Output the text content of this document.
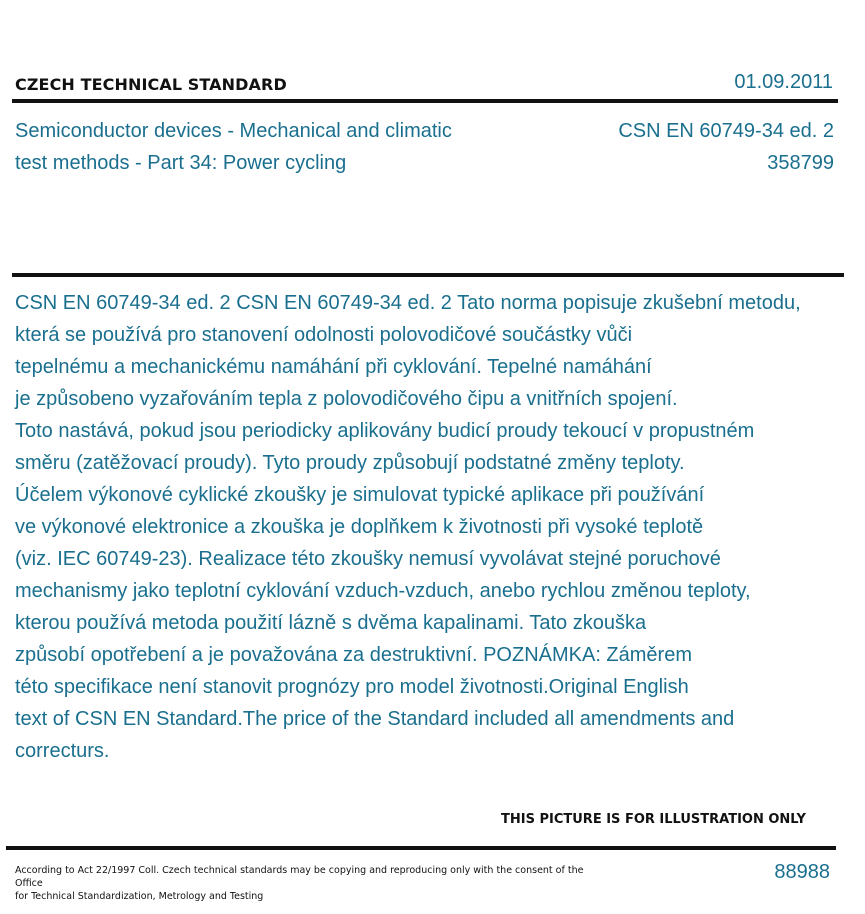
CZECH TECHNICAL STANDARD	01.09.2011
Semiconductor devices - Mechanical and climatic
test methods - Part 34: Power cycling
CSN EN 60749-34 ed. 2
358799
CSN EN 60749-34 ed. 2 CSN EN 60749-34 ed. 2 Tato norma popisuje zkušební metodu,
která se používá pro stanovení odolnosti polovodičové součástky vůči
tepelnému a mechanickému namáhání při cyklování. Tepelné namáhání
je způsobeno vyzařováním tepla z polovodičového čipu a vnitřních spojení.
Toto nastává, pokud jsou periodicky aplikovány budicí proudy tekoucí v propustném
směru (zatěžovací proudy). Tyto proudy způsobují podstatné změny teploty.
Účelem výkonové cyklické zkoušky je simulovat typické aplikace při používání
ve výkonové elektronice a zkouška je doplňkem k životnosti při vysoké teplotě
(viz. IEC 60749-23). Realizace této zkoušky nemusí vyvolávat stejné poruchové
mechanismy jako teplotní cyklování vzduch-vzduch, anebo rychlou změnou teploty,
kterou používá metoda použití lázně s dvěma kapalinami. Tato zkouška
způsobí opotřebení a je považována za destruktivní. POZNÁMKA: Záměrem
této specifikace není stanovit prognózy pro model životnosti.Original English
text of CSN EN Standard.The price of the Standard included all amendments and
correcturs.
THIS PICTURE IS FOR ILLUSTRATION ONLY
According to Act 22/1997 Coll. Czech technical standards may be copying and reproducing only with the consent of the Office
for Technical Standardization, Metrology and Testing
88988
